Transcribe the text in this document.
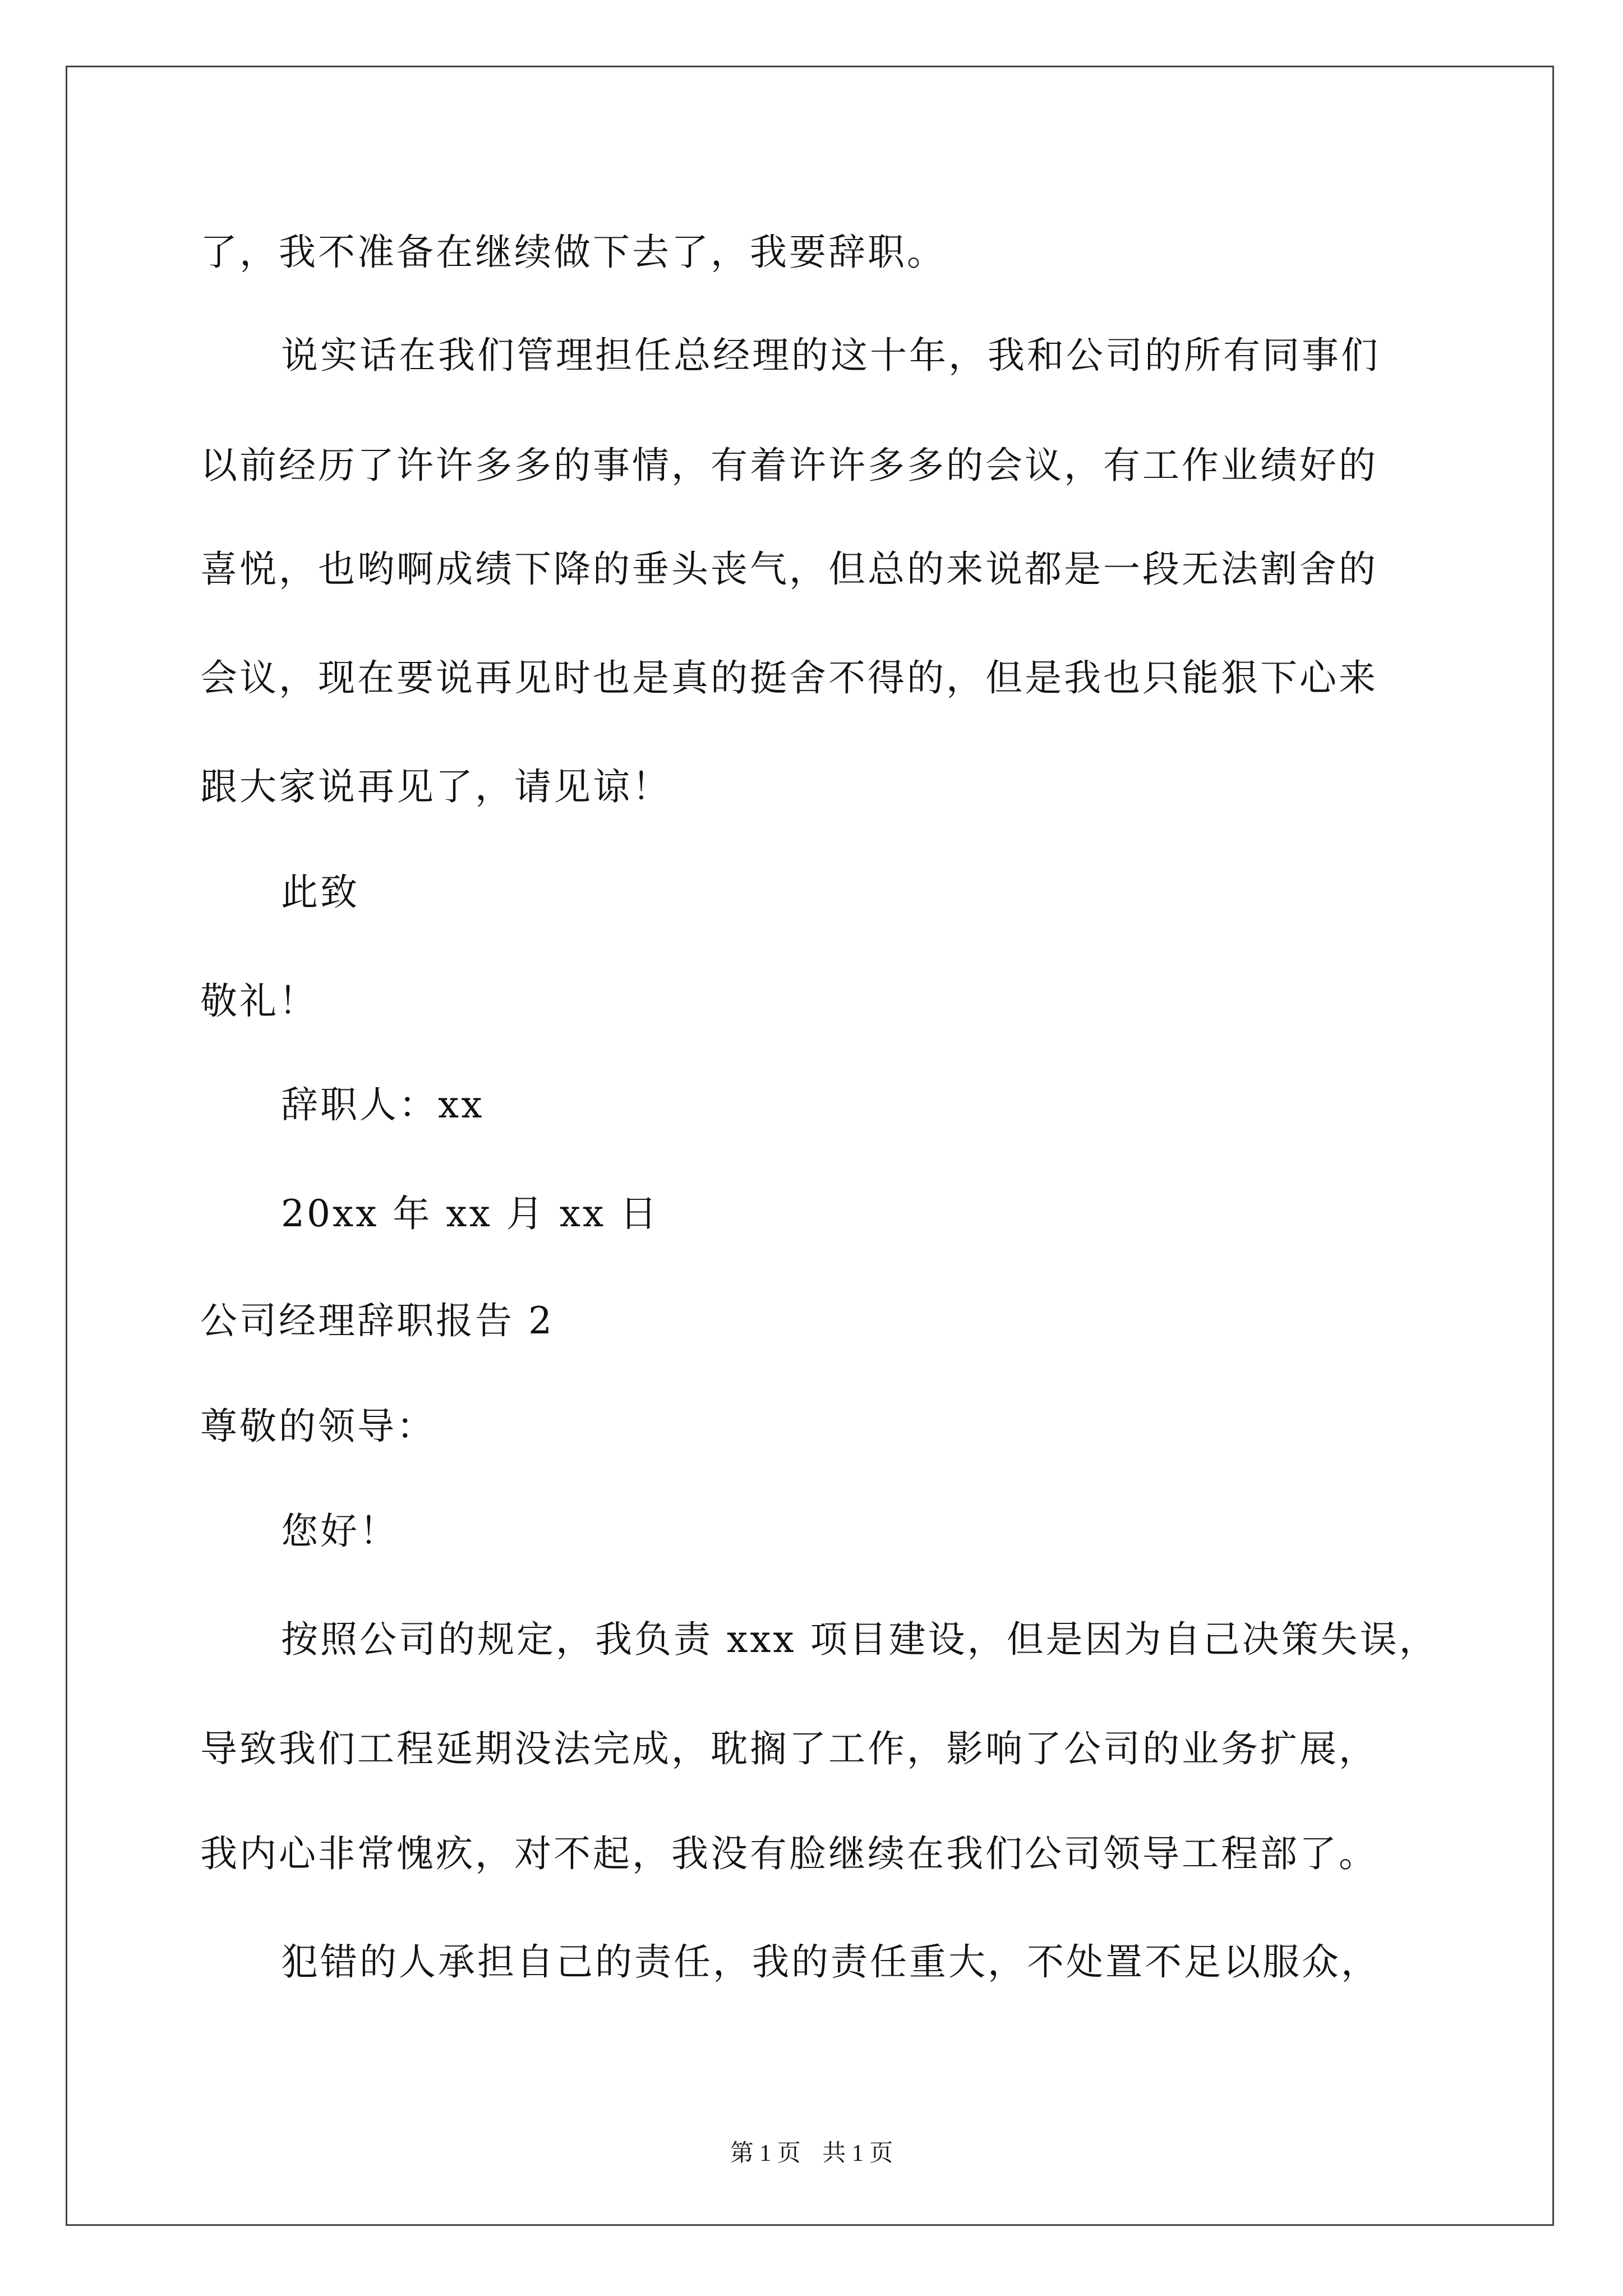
了，我不准备在继续做下去了，我要辞职。
说实话在我们管理担任总经理的这十年，我和公司的所有同事们
以前经历了许许多多的事情，有着许许多多的会议，有工作业绩好的
喜悦，也哟啊成绩下降的垂头丧气，但总的来说都是一段无法割舍的
会议，现在要说再见时也是真的挺舍不得的，但是我也只能狠下心来
跟大家说再见了，请见谅！
此致
敬礼！
辞职人：xx
20xx 年 xx 月 xx 日
公司经理辞职报告 2
尊敬的领导：
您好！
按照公司的规定，我负责 xxx 项目建设，但是因为自己决策失误，
导致我们工程延期没法完成，耽搁了工作，影响了公司的业务扩展，
我内心非常愧疚，对不起，我没有脸继续在我们公司领导工程部了。
犯错的人承担自己的责任，我的责任重大，不处置不足以服众，
第 1 页 共 1 页
